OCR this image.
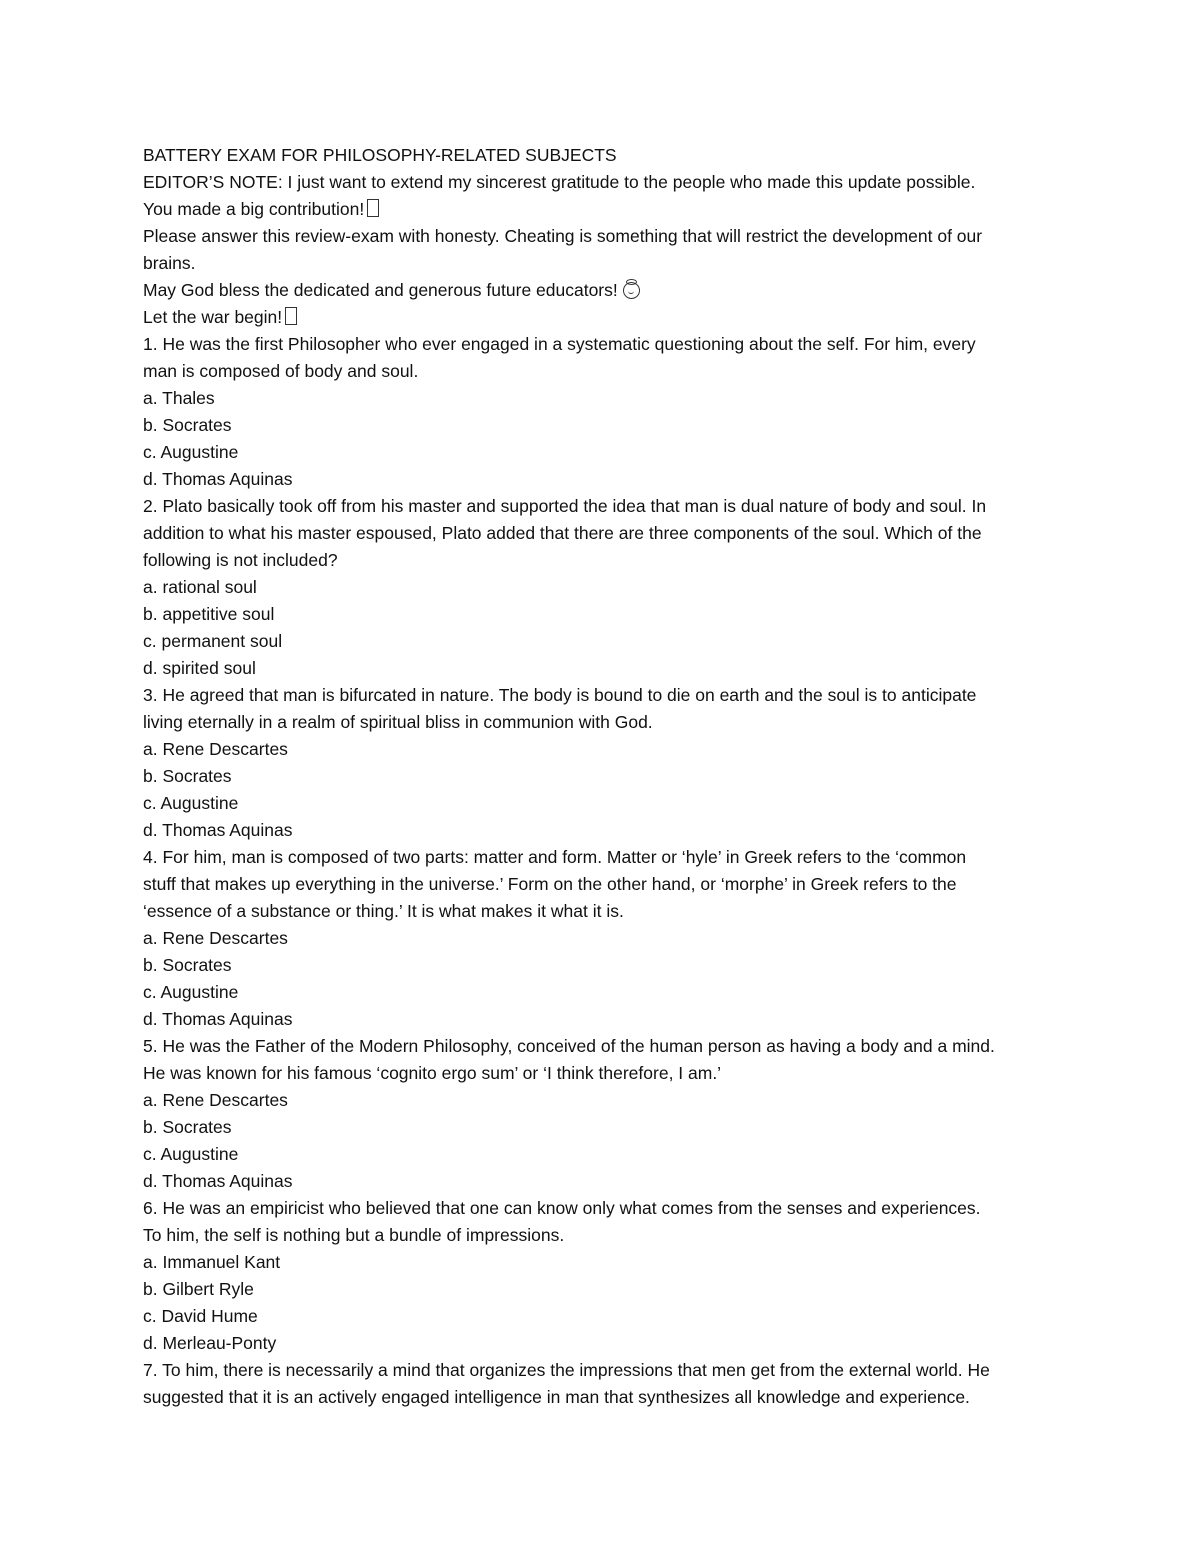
BATTERY EXAM FOR PHILOSOPHY-RELATED SUBJECTS
EDITOR’S NOTE: I just want to extend my sincerest gratitude to the people who made this update possible.
You made a big contribution!
Please answer this review-exam with honesty. Cheating is something that will restrict the development of our
brains.
May God bless the dedicated and generous future educators!
Let the war begin!
1. He was the first Philosopher who ever engaged in a systematic questioning about the self. For him, every
man is composed of body and soul.
a. Thales
b. Socrates
c. Augustine
d. Thomas Aquinas
2. Plato basically took off from his master and supported the idea that man is dual nature of body and soul. In
addition to what his master espoused, Plato added that there are three components of the soul. Which of the
following is not included?
a. rational soul
b. appetitive soul
c. permanent soul
d. spirited soul
3. He agreed that man is bifurcated in nature. The body is bound to die on earth and the soul is to anticipate
living eternally in a realm of spiritual bliss in communion with God.
a. Rene Descartes
b. Socrates
c. Augustine
d. Thomas Aquinas
4. For him, man is composed of two parts: matter and form. Matter or ‘hyle’ in Greek refers to the ‘common
stuff that makes up everything in the universe.’ Form on the other hand, or ‘morphe’ in Greek refers to the
‘essence of a substance or thing.’ It is what makes it what it is.
a. Rene Descartes
b. Socrates
c. Augustine
d. Thomas Aquinas
5. He was the Father of the Modern Philosophy, conceived of the human person as having a body and a mind.
He was known for his famous ‘cognito ergo sum’ or ‘I think therefore, I am.’
a. Rene Descartes
b. Socrates
c. Augustine
d. Thomas Aquinas
6. He was an empiricist who believed that one can know only what comes from the senses and experiences.
To him, the self is nothing but a bundle of impressions.
a. Immanuel Kant
b. Gilbert Ryle
c. David Hume
d. Merleau-Ponty
7. To him, there is necessarily a mind that organizes the impressions that men get from the external world. He
suggested that it is an actively engaged intelligence in man that synthesizes all knowledge and experience.
